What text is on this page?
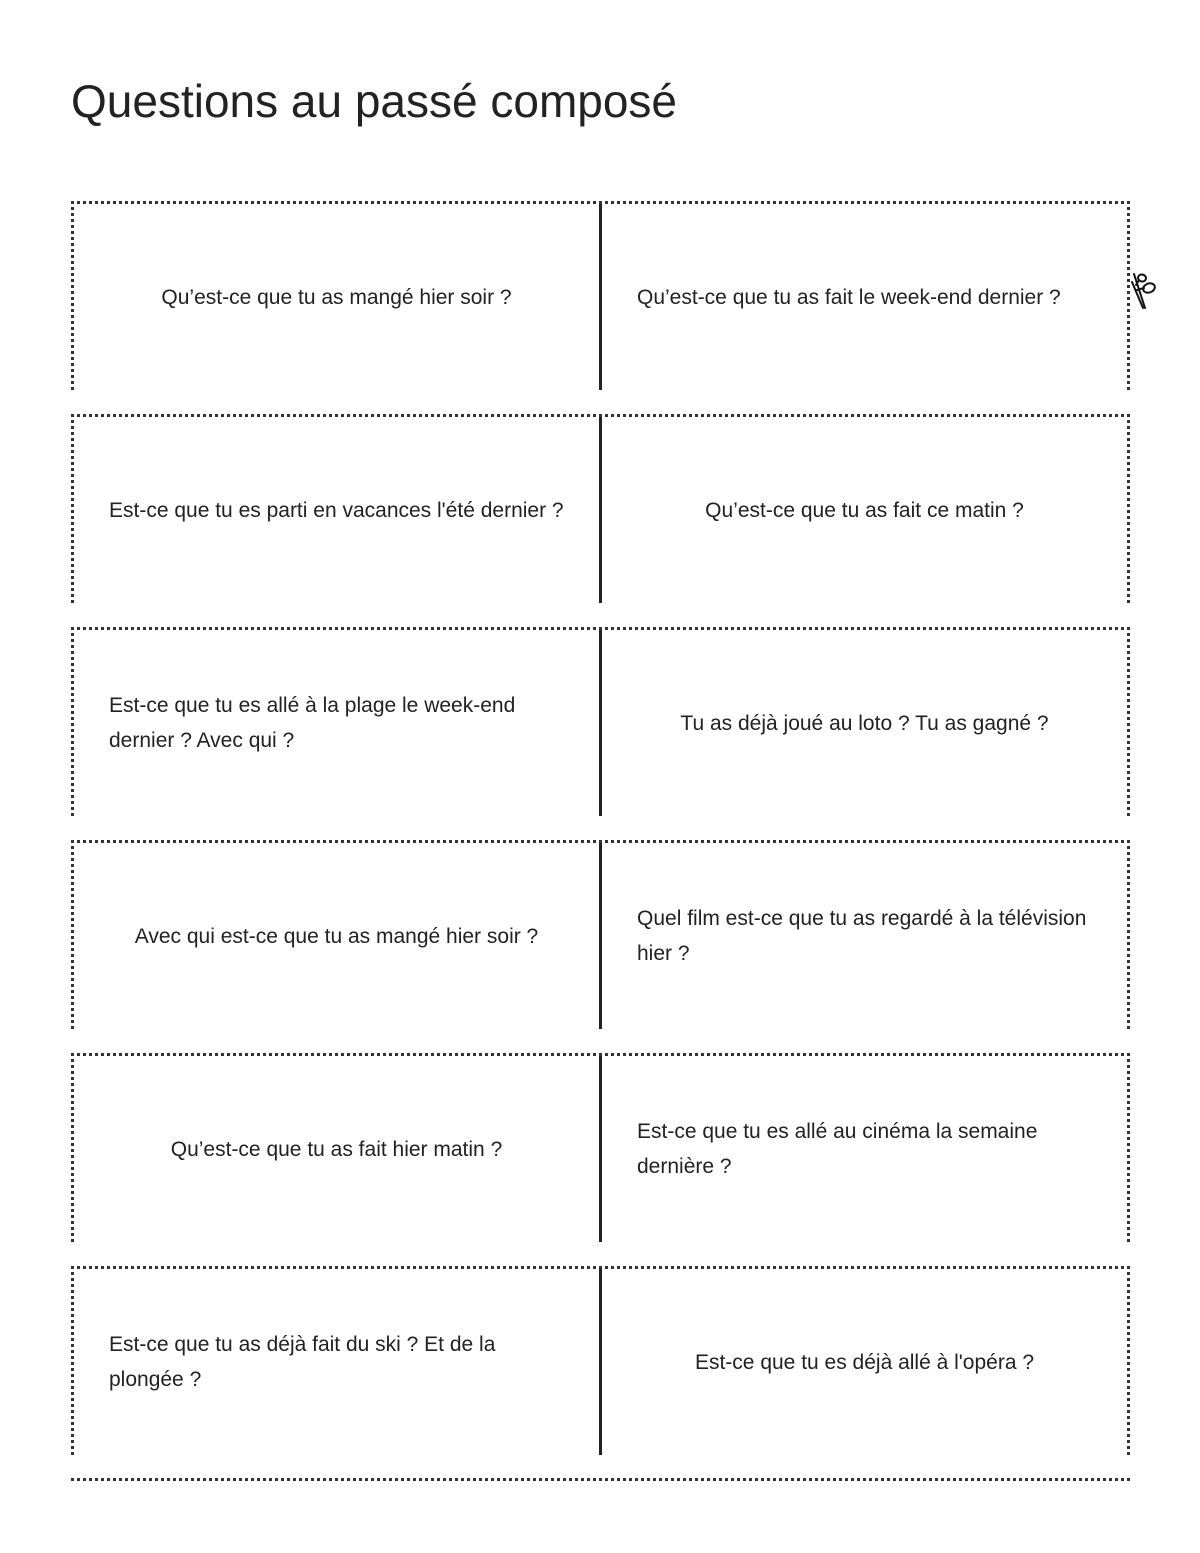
Questions au passé composé
Qu’est-ce que tu as mangé hier soir ?	Qu’est-ce que tu as fait le week-end dernier ?
Est-ce que tu es parti en vacances l'été dernier ?	Qu’est-ce que tu as fait ce matin ?
Est-ce que tu es allé à la plage le week-end dernier ? Avec qui ?
Tu as déjà joué au loto ? Tu as gagné ?
Avec qui est-ce que tu as mangé hier soir ?
Quel film est-ce que tu as regardé à la télévision hier ?
Qu’est-ce que tu as fait hier matin ?
Est-ce que tu es allé au cinéma la semaine dernière ?
Est-ce que tu as déjà fait du ski ? Et de la plongée ?
Est-ce que tu es déjà allé à l'opéra ?
